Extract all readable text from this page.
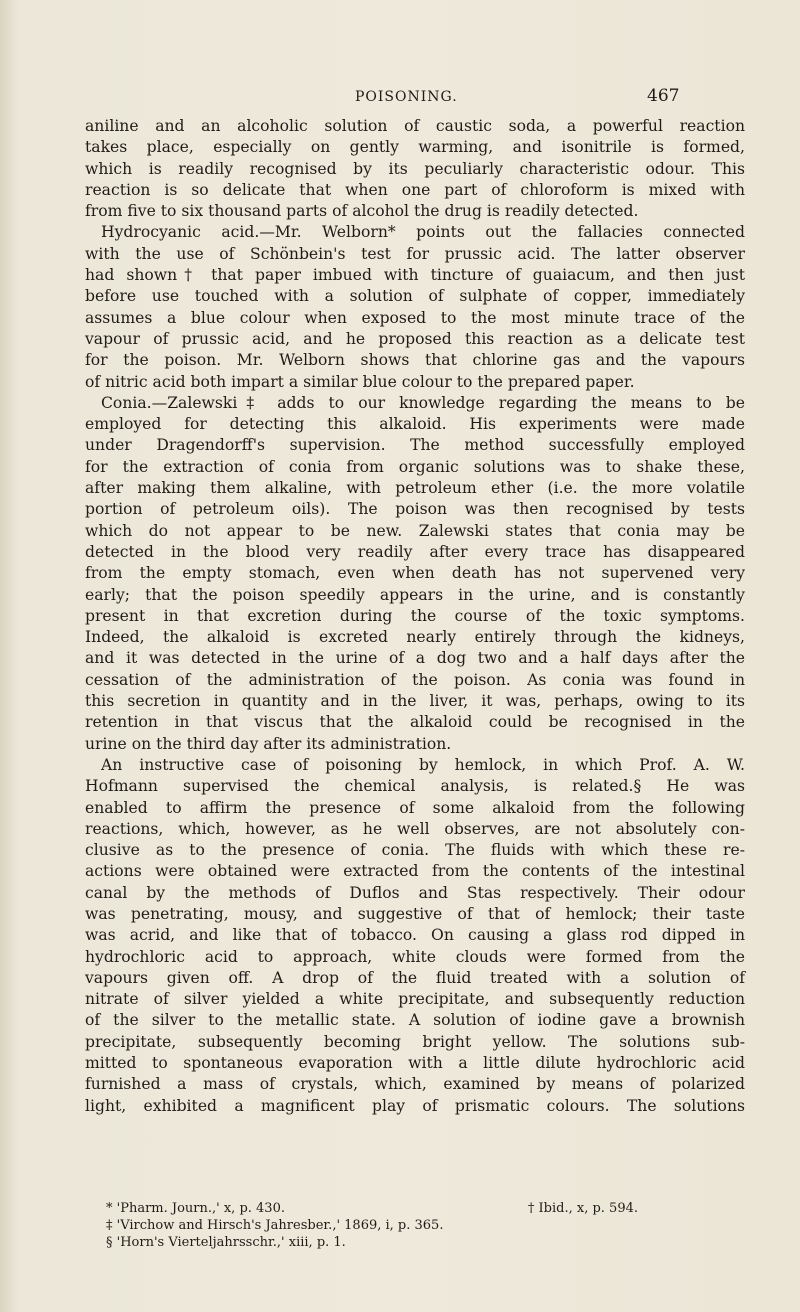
POISONING.	467
aniline and an alcoholic solution of caustic soda, a powerful reaction
takes place, especially on gently warming, and isonitrile is formed,
which is readily recognised by its peculiarly characteristic odour. This
reaction is so delicate that when one part of chloroform is mixed with
from five to six thousand parts of alcohol the drug is readily detected.
Hydrocyanic acid.—Mr. Welborn* points out the fallacies connected
with the use of Schönbein's test for prussic acid. The latter observer
had shown† that paper imbued with tincture of guaiacum, and then just
before use touched with a solution of sulphate of copper, immediately
assumes a blue colour when exposed to the most minute trace of the
vapour of prussic acid, and he proposed this reaction as a delicate test
for the poison. Mr. Welborn shows that chlorine gas and the vapours
of nitric acid both impart a similar blue colour to the prepared paper.
Conia.—Zalewski‡ adds to our knowledge regarding the means to be
employed for detecting this alkaloid. His experiments were made
under Dragendorff's supervision. The method successfully employed
for the extraction of conia from organic solutions was to shake these,
after making them alkaline, with petroleum ether (i.e. the more volatile
portion of petroleum oils). The poison was then recognised by tests
which do not appear to be new. Zalewski states that conia may be
detected in the blood very readily after every trace has disappeared
from the empty stomach, even when death has not supervened very
early; that the poison speedily appears in the urine, and is constantly
present in that excretion during the course of the toxic symptoms.
Indeed, the alkaloid is excreted nearly entirely through the kidneys,
and it was detected in the urine of a dog two and a half days after the
cessation of the administration of the poison. As conia was found in
this secretion in quantity and in the liver, it was, perhaps, owing to its
retention in that viscus that the alkaloid could be recognised in the
urine on the third day after its administration.
An instructive case of poisoning by hemlock, in which Prof. A. W.
Hofmann supervised the chemical analysis, is related.§ He was
enabled to affirm the presence of some alkaloid from the following
reactions, which, however, as he well observes, are not absolutely con-
clusive as to the presence of conia. The fluids with which these re-
actions were obtained were extracted from the contents of the intestinal
canal by the methods of Duflos and Stas respectively. Their odour
was penetrating, mousy, and suggestive of that of hemlock; their taste
was acrid, and like that of tobacco. On causing a glass rod dipped in
hydrochloric acid to approach, white clouds were formed from the
vapours given off. A drop of the fluid treated with a solution of
nitrate of silver yielded a white precipitate, and subsequently reduction
of the silver to the metallic state. A solution of iodine gave a brownish
precipitate, subsequently becoming bright yellow. The solutions sub-
mitted to spontaneous evaporation with a little dilute hydrochloric acid
furnished a mass of crystals, which, examined by means of polarized
light, exhibited a magnificent play of prismatic colours. The solutions
* 'Pharm. Journ.,' x, p. 430.	† Ibid., x, p. 594.
‡ 'Virchow and Hirsch's Jahresber.,' 1869, i, p. 365.
§ 'Horn's Vierteljahrsschr.,' xiii, p. 1.
